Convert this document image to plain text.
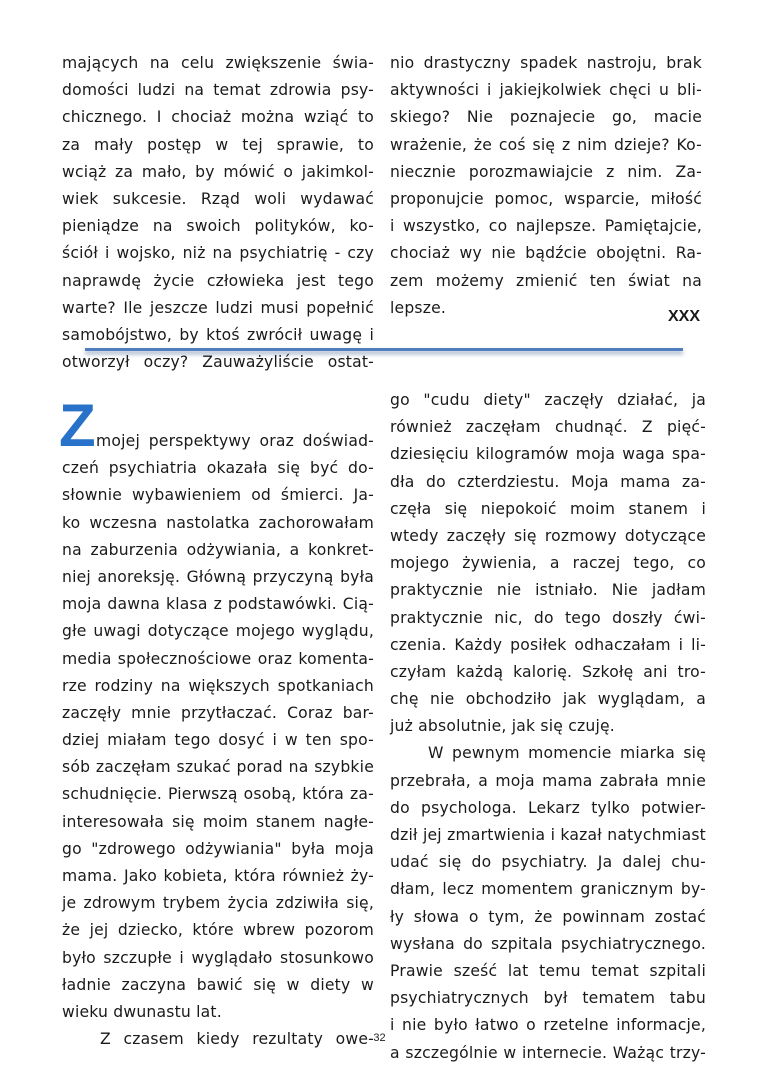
mających na celu zwiększenie świa-
domości ludzi na temat zdrowia psy-
chicznego. I chociaż można wziąć to
za mały postęp w tej sprawie, to
wciąż za mało, by mówić o jakimkol-
wiek sukcesie. Rząd woli wydawać
pieniądze na swoich polityków, ko-
ściół i wojsko, niż na psychiatrię - czy
naprawdę życie człowieka jest tego
warte? Ile jeszcze ludzi musi popełnić
samobójstwo, by ktoś zwrócił uwagę i
otworzył oczy? Zauważyliście ostat-
nio drastyczny spadek nastroju, brak
aktywności i jakiejkolwiek chęci u bli-
skiego? Nie poznajecie go, macie
wrażenie, że coś się z nim dzieje? Ko-
niecznie porozmawiajcie z nim. Za-
proponujcie pomoc, wsparcie, miłość
i wszystko, co najlepsze. Pamiętajcie,
chociaż wy nie bądźcie obojętni. Ra-
zem możemy zmienić ten świat na
lepsze.	XXX
Z mojej perspektywy oraz doświad-
czeń psychiatria okazała się być do-
słownie wybawieniem od śmierci. Ja-
ko wczesna nastolatka zachorowałam
na zaburzenia odżywiania, a konkret-
niej anoreksję. Główną przyczyną była
moja dawna klasa z podstawówki. Cią-
głe uwagi dotyczące mojego wyglądu,
media społecznościowe oraz komenta-
rze rodziny na większych spotkaniach
zaczęły mnie przytłaczać. Coraz bar-
dziej miałam tego dosyć i w ten spo-
sób zaczęłam szukać porad na szybkie
schudnięcie. Pierwszą osobą, która za-
interesowała się moim stanem nagłe-
go "zdrowego odżywiania" była moja
mama. Jako kobieta, która również ży-
je zdrowym trybem życia zdziwiła się,
że jej dziecko, które wbrew pozorom
było szczupłe i wyglądało stosunkowo
ładnie zaczyna bawić się w diety w
wieku dwunastu lat.
Z czasem kiedy rezultaty owe-
go "cudu diety" zaczęły działać, ja
również zaczęłam chudnąć. Z pięć-
dziesięciu kilogramów moja waga spa-
dła do czterdziestu. Moja mama za-
częła się niepokoić moim stanem i
wtedy zaczęły się rozmowy dotyczące
mojego żywienia, a raczej tego, co
praktycznie nie istniało. Nie jadłam
praktycznie nic, do tego doszły ćwi-
czenia. Każdy posiłek odhaczałam i li-
czyłam każdą kalorię. Szkołę ani tro-
chę nie obchodziło jak wyglądam, a
już absolutnie, jak się czuję.
W pewnym momencie miarka się
przebrała, a moja mama zabrała mnie
do psychologa. Lekarz tylko potwier-
dził jej zmartwienia i kazał natychmiast
udać się do psychiatry. Ja dalej chu-
dłam, lecz momentem granicznym by-
ły słowa o tym, że powinnam zostać
wysłana do szpitala psychiatrycznego.
Prawie sześć lat temu temat szpitali
psychiatrycznych był tematem tabu
i nie było łatwo o rzetelne informacje,
a szczególnie w internecie. Ważąc trzy-
32
